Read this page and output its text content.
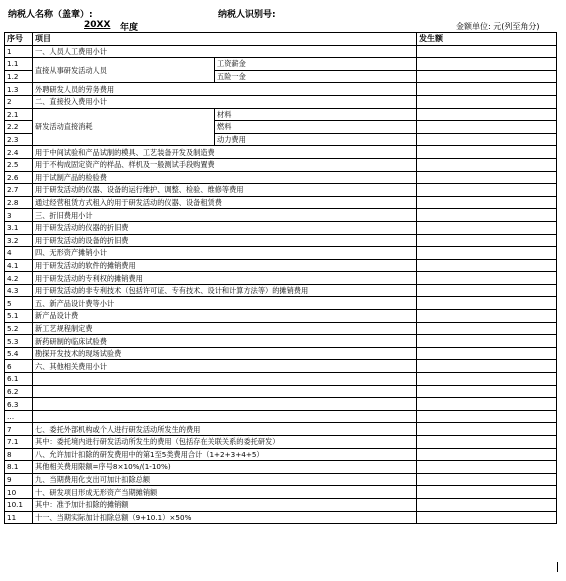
纳税人名称（盖章）:	纳税人识别号:
20XX 年度	金额单位: 元(列至角分)
序号	项目		发生额
1	一、人员人工费用小计		
1.1	直接从事研发活动人员	工资薪金	
1.2		五险一金	
1.3	外聘研发人员的劳务费用		
2	二、直接投入费用小计		
2.1	研发活动直接消耗	材料	
2.2		燃料	
2.3		动力费用	
2.4	用于中间试验和产品试制的模具、工艺装备开发及制造费		
2.5	用于不构成固定资产的样品、样机及一般测试手段购置费		
2.6	用于试制产品的检验费		
2.7	用于研发活动的仪器、设备的运行维护、调整、检验、维修等费用		
2.8	通过经营租赁方式租入的用于研发活动的仪器、设备租赁费		
3	三、折旧费用小计		
3.1	用于研发活动的仪器的折旧费		
3.2	用于研发活动的设备的折旧费		
4	四、无形资产摊销小计		
4.1	用于研发活动的软件的摊销费用		
4.2	用于研发活动的专利权的摊销费用		
4.3	用于研发活动的非专利技术（包括许可证、专有技术、设计和计算方法等）的摊销费用		
5	五、新产品设计费等小计		
5.1	新产品设计费		
5.2	新工艺规程制定费		
5.3	新药研制的临床试验费		
5.4	勘探开发技术的现场试验费		
6	六、其他相关费用小计		
6.1			
6.2			
6.3			
…			
7	七、委托外部机构或个人进行研发活动所发生的费用		
7.1	其中：委托境内进行研发活动所发生的费用（包括存在关联关系的委托研发）		
8	八、允许加计扣除的研发费用中的第1至5类费用合计（1+2+3+4+5）		
8.1	其他相关费用限额=序号8×10%/(1-10%)		
9	九、当期费用化支出可加计扣除总额		
10	十、研发项目形成无形资产当期摊销额		
10.1	其中：准予加计扣除的摊销额		
11	十一、当期实际加计扣除总额（9+10.1）×50%		
